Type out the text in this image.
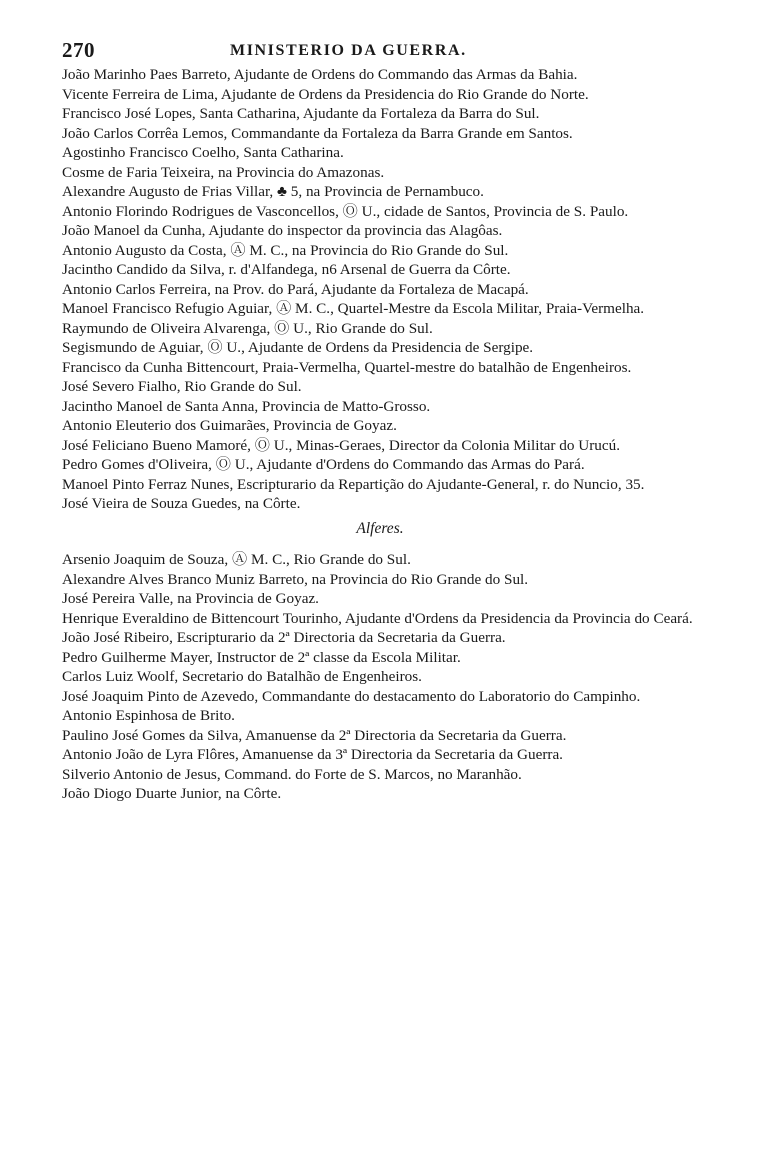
270	MINISTERIO DA GUERRA.
João Marinho Paes Barreto, Ajudante de Ordens do Commando das Armas da Bahia.
Vicente Ferreira de Lima, Ajudante de Ordens da Presidencia do Rio Grande do Norte.
Francisco José Lopes, Santa Catharina, Ajudante da Fortaleza da Barra do Sul.
João Carlos Corrêa Lemos, Commandante da Fortaleza da Barra Grande em Santos.
Agostinho Francisco Coelho, Santa Catharina.
Cosme de Faria Teixeira, na Provincia do Amazonas.
Alexandre Augusto de Frias Villar, ♣ 5, na Provincia de Pernambuco.
Antonio Florindo Rodrigues de Vasconcellos, Ⓞ U., cidade de Santos, Provincia de S. Paulo.
João Manoel da Cunha, Ajudante do inspector da provincia das Alagôas.
Antonio Augusto da Costa, Ⓐ M. C., na Provincia do Rio Grande do Sul.
Jacintho Candido da Silva, r. d'Alfandega, n6 Arsenal de Guerra da Côrte.
Antonio Carlos Ferreira, na Prov. do Pará, Ajudante da Fortaleza de Macapá.
Manoel Francisco Refugio Aguiar, Ⓐ M. C., Quartel-Mestre da Escola Militar, Praia-Vermelha.
Raymundo de Oliveira Alvarenga, Ⓞ U., Rio Grande do Sul.
Segismundo de Aguiar, Ⓞ U., Ajudante de Ordens da Presidencia de Sergipe.
Francisco da Cunha Bittencourt, Praia-Vermelha, Quartel-mestre do batalhão de Engenheiros.
José Severo Fialho, Rio Grande do Sul.
Jacintho Manoel de Santa Anna, Provincia de Matto-Grosso.
Antonio Eleuterio dos Guimarães, Provincia de Goyaz.
José Feliciano Bueno Mamoré, Ⓞ U., Minas-Geraes, Director da Colonia Militar do Urucú.
Pedro Gomes d'Oliveira, Ⓞ U., Ajudante d'Ordens do Commando das Armas do Pará.
Manoel Pinto Ferraz Nunes, Escripturario da Repartição do Ajudante-General, r. do Nuncio, 35.
José Vieira de Souza Guedes, na Côrte.
Alferes.
Arsenio Joaquim de Souza, Ⓐ M. C., Rio Grande do Sul.
Alexandre Alves Branco Muniz Barreto, na Provincia do Rio Grande do Sul.
José Pereira Valle, na Provincia de Goyaz.
Henrique Everaldino de Bittencourt Tourinho, Ajudante d'Ordens da Presidencia da Provincia do Ceará.
João José Ribeiro, Escripturario da 2ª Directoria da Secretaria da Guerra.
Pedro Guilherme Mayer, Instructor de 2ª classe da Escola Militar.
Carlos Luiz Woolf, Secretario do Batalhão de Engenheiros.
José Joaquim Pinto de Azevedo, Commandante do destacamento do Laboratorio do Campinho.
Antonio Espinhosa de Brito.
Paulino José Gomes da Silva, Amanuense da 2ª Directoria da Secretaria da Guerra.
Antonio João de Lyra Flôres, Amanuense da 3ª Directoria da Secretaria da Guerra.
Silverio Antonio de Jesus, Command. do Forte de S. Marcos, no Maranhão.
João Diogo Duarte Junior, na Côrte.
